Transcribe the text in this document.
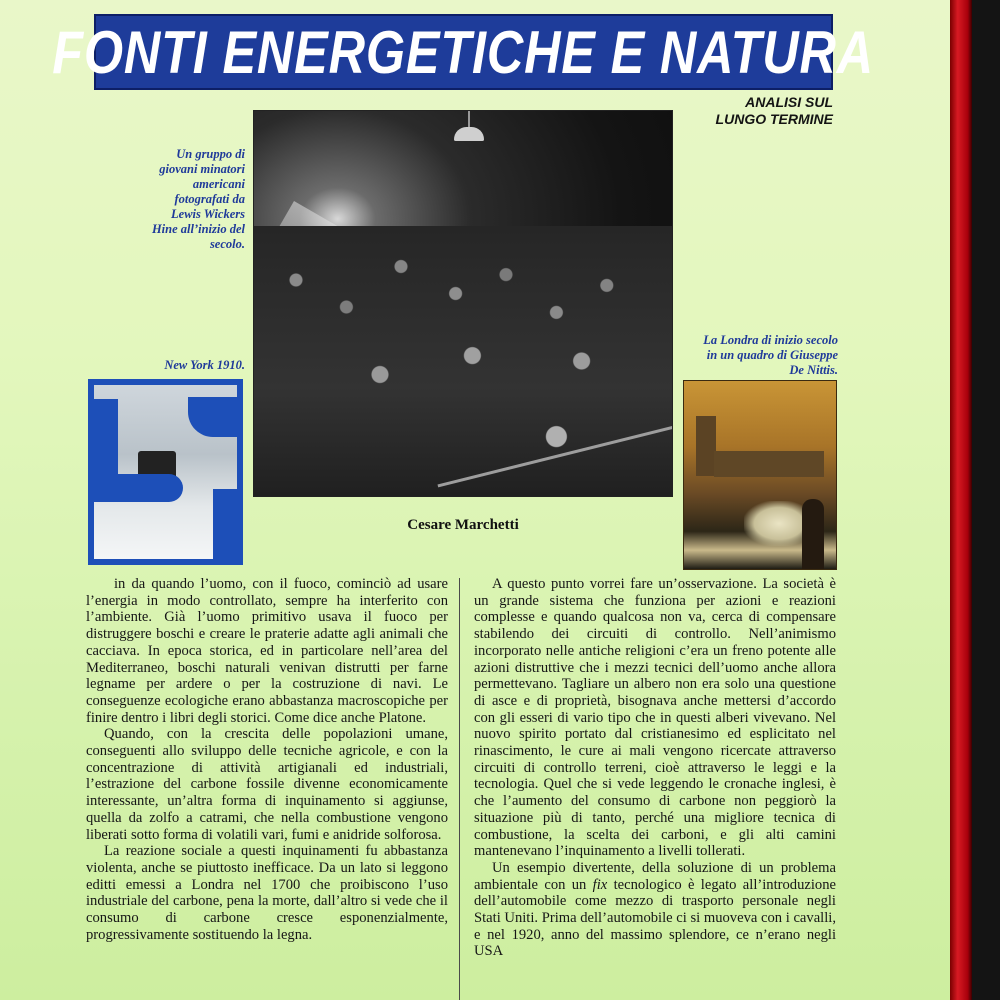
FONTI ENERGETICHE E NATURA
ANALISI SUL
LUNGO TERMINE
Un gruppo di giovani minatori americani fotografati da Lewis Wickers Hine all’inizio del secolo.
New York 1910.
La Londra di inizio secolo in un quadro di Giuseppe De Nittis.
Cesare Marchetti

in da quando l’uomo, con il fuoco, cominciò ad usare l’energia in modo controllato, sempre ha interferito con l’ambiente. Già l’uomo primitivo usava il fuoco per distruggere boschi e creare le praterie adatte agli animali che cacciava. In epoca storica, ed in particolare nell’area del Mediterraneo, boschi naturali venivan distrutti per farne legname per ardere o per la costruzione di navi. Le conseguenze ecologiche erano abbastanza macroscopiche per finire dentro i libri degli storici. Come dice anche Platone.

Quando, con la crescita delle popolazioni umane, conseguenti allo sviluppo delle tecniche agricole, e con la concentrazione di attività artigianali ed industriali, l’estrazione del carbone fossile divenne economicamente interessante, un’altra forma di inquinamento si aggiunse, quella da zolfo a catrami, che nella combustione vengono liberati sotto forma di volatili vari, fumi e anidride solforosa.

La reazione sociale a questi inquinamenti fu abbastanza violenta, anche se piuttosto inefficace. Da un lato si leggono editti emessi a Londra nel 1700 che proibiscono l’uso industriale del carbone, pena la morte, dall’altro si vede che il consumo di carbone cresce esponenzialmente, progressivamente sostituendo la legna.

A questo punto vorrei fare un’osservazione. La società è un grande sistema che funziona per azioni e reazioni complesse e quando qualcosa non va, cerca di compensare stabilendo dei circuiti di controllo. Nell’animismo incorporato nelle antiche religioni c’era un freno potente alle azioni distruttive che i mezzi tecnici dell’uomo anche allora permettevano. Tagliare un albero non era solo una questione di asce e di proprietà, bisognava anche mettersi d’accordo con gli esseri di vario tipo che in questi alberi vivevano. Nel nuovo spirito portato dal cristianesimo ed esplicitato nel rinascimento, le cure ai mali vengono ricercate attraverso circuiti di controllo terreni, cioè attraverso le leggi e la tecnologia. Quel che si vede leggendo le cronache inglesi, è che l’aumento del consumo di carbone non peggiorò la situazione più di tanto, perché una migliore tecnica di combustione, la scelta dei carboni, e gli alti camini mantenevano l’inquinamento a livelli tollerati.

Un esempio divertente, della soluzione di un problema ambientale con un fix tecnologico è legato all’introduzione dell’automobile come mezzo di trasporto personale negli Stati Uniti. Prima dell’automobile ci si muoveva con i cavalli, e nel 1920, anno del massimo splendore, ce n’erano negli USA
